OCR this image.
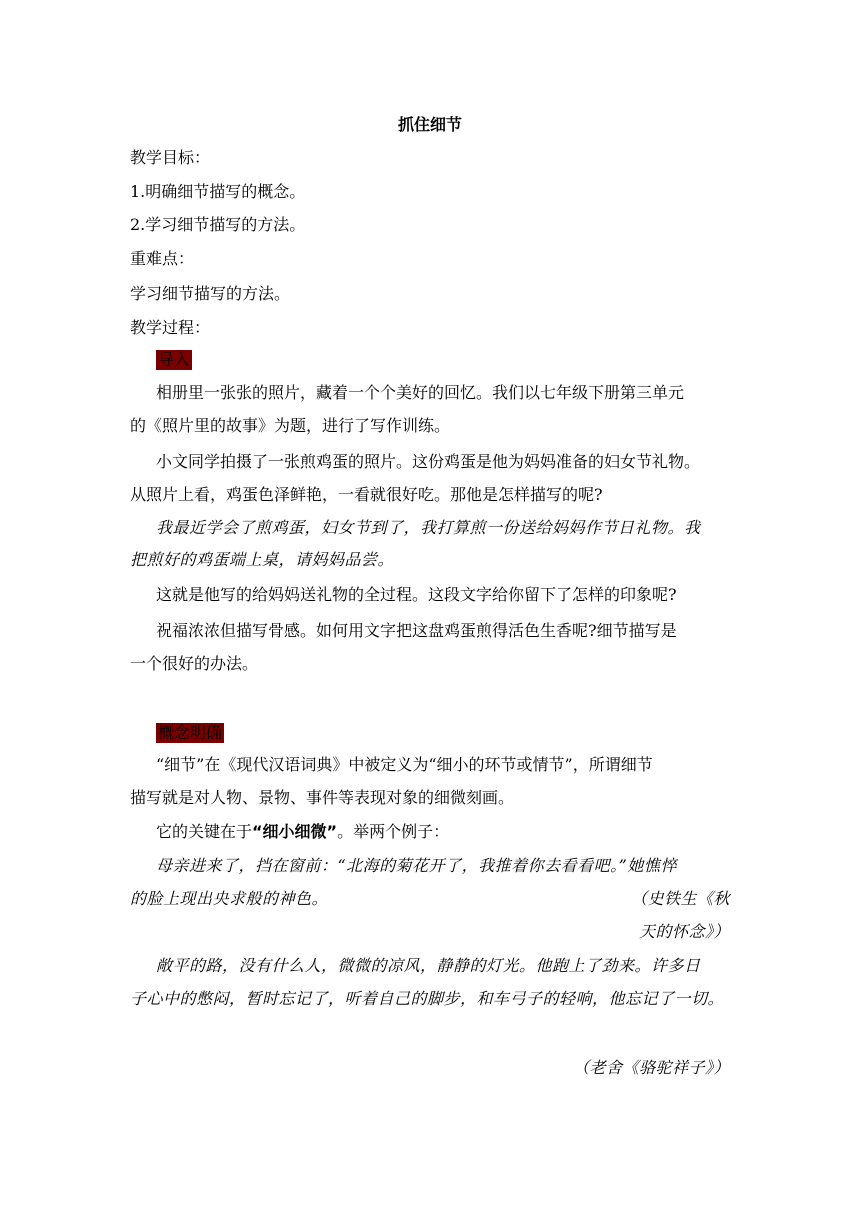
抓住细节
教学目标：
1.明确细节描写的概念。
2.学习细节描写的方法。
重难点：
学习细节描写的方法。
教学过程：
导入
相册里一张张的照片，藏着一个个美好的回忆。我们以七年级下册第三单元
的《照片里的故事》为题，进行了写作训练。
小文同学拍摄了一张煎鸡蛋的照片。这份鸡蛋是他为妈妈准备的妇女节礼物。
从照片上看，鸡蛋色泽鲜艳，一看就很好吃。那他是怎样描写的呢?
我最近学会了煎鸡蛋，妇女节到了，我打算煎一份送给妈妈作节日礼物。我
把煎好的鸡蛋端上桌，请妈妈品尝。
这就是他写的给妈妈送礼物的全过程。这段文字给你留下了怎样的印象呢?
祝福浓浓但描写骨感。如何用文字把这盘鸡蛋煎得活色生香呢?细节描写是
一个很好的办法。
概念明确
“细节”在《现代汉语词典》中被定义为“细小的环节或情节”，所谓细节
描写就是对人物、景物、事件等表现对象的细微刻画。
它的关键在于“细小细微”。举两个例子：
母亲进来了，挡在窗前：“北海的菊花开了，我推着你去看看吧。”她憔悴
的脸上现出央求般的神色。	（史铁生《秋
天的怀念》）
敞平的路，没有什么人，微微的凉风，静静的灯光。他跑上了劲来。许多日
子心中的憋闷，暂时忘记了，听着自己的脚步，和车弓子的轻响，他忘记了一切。
（老舍《骆驼祥子》）
